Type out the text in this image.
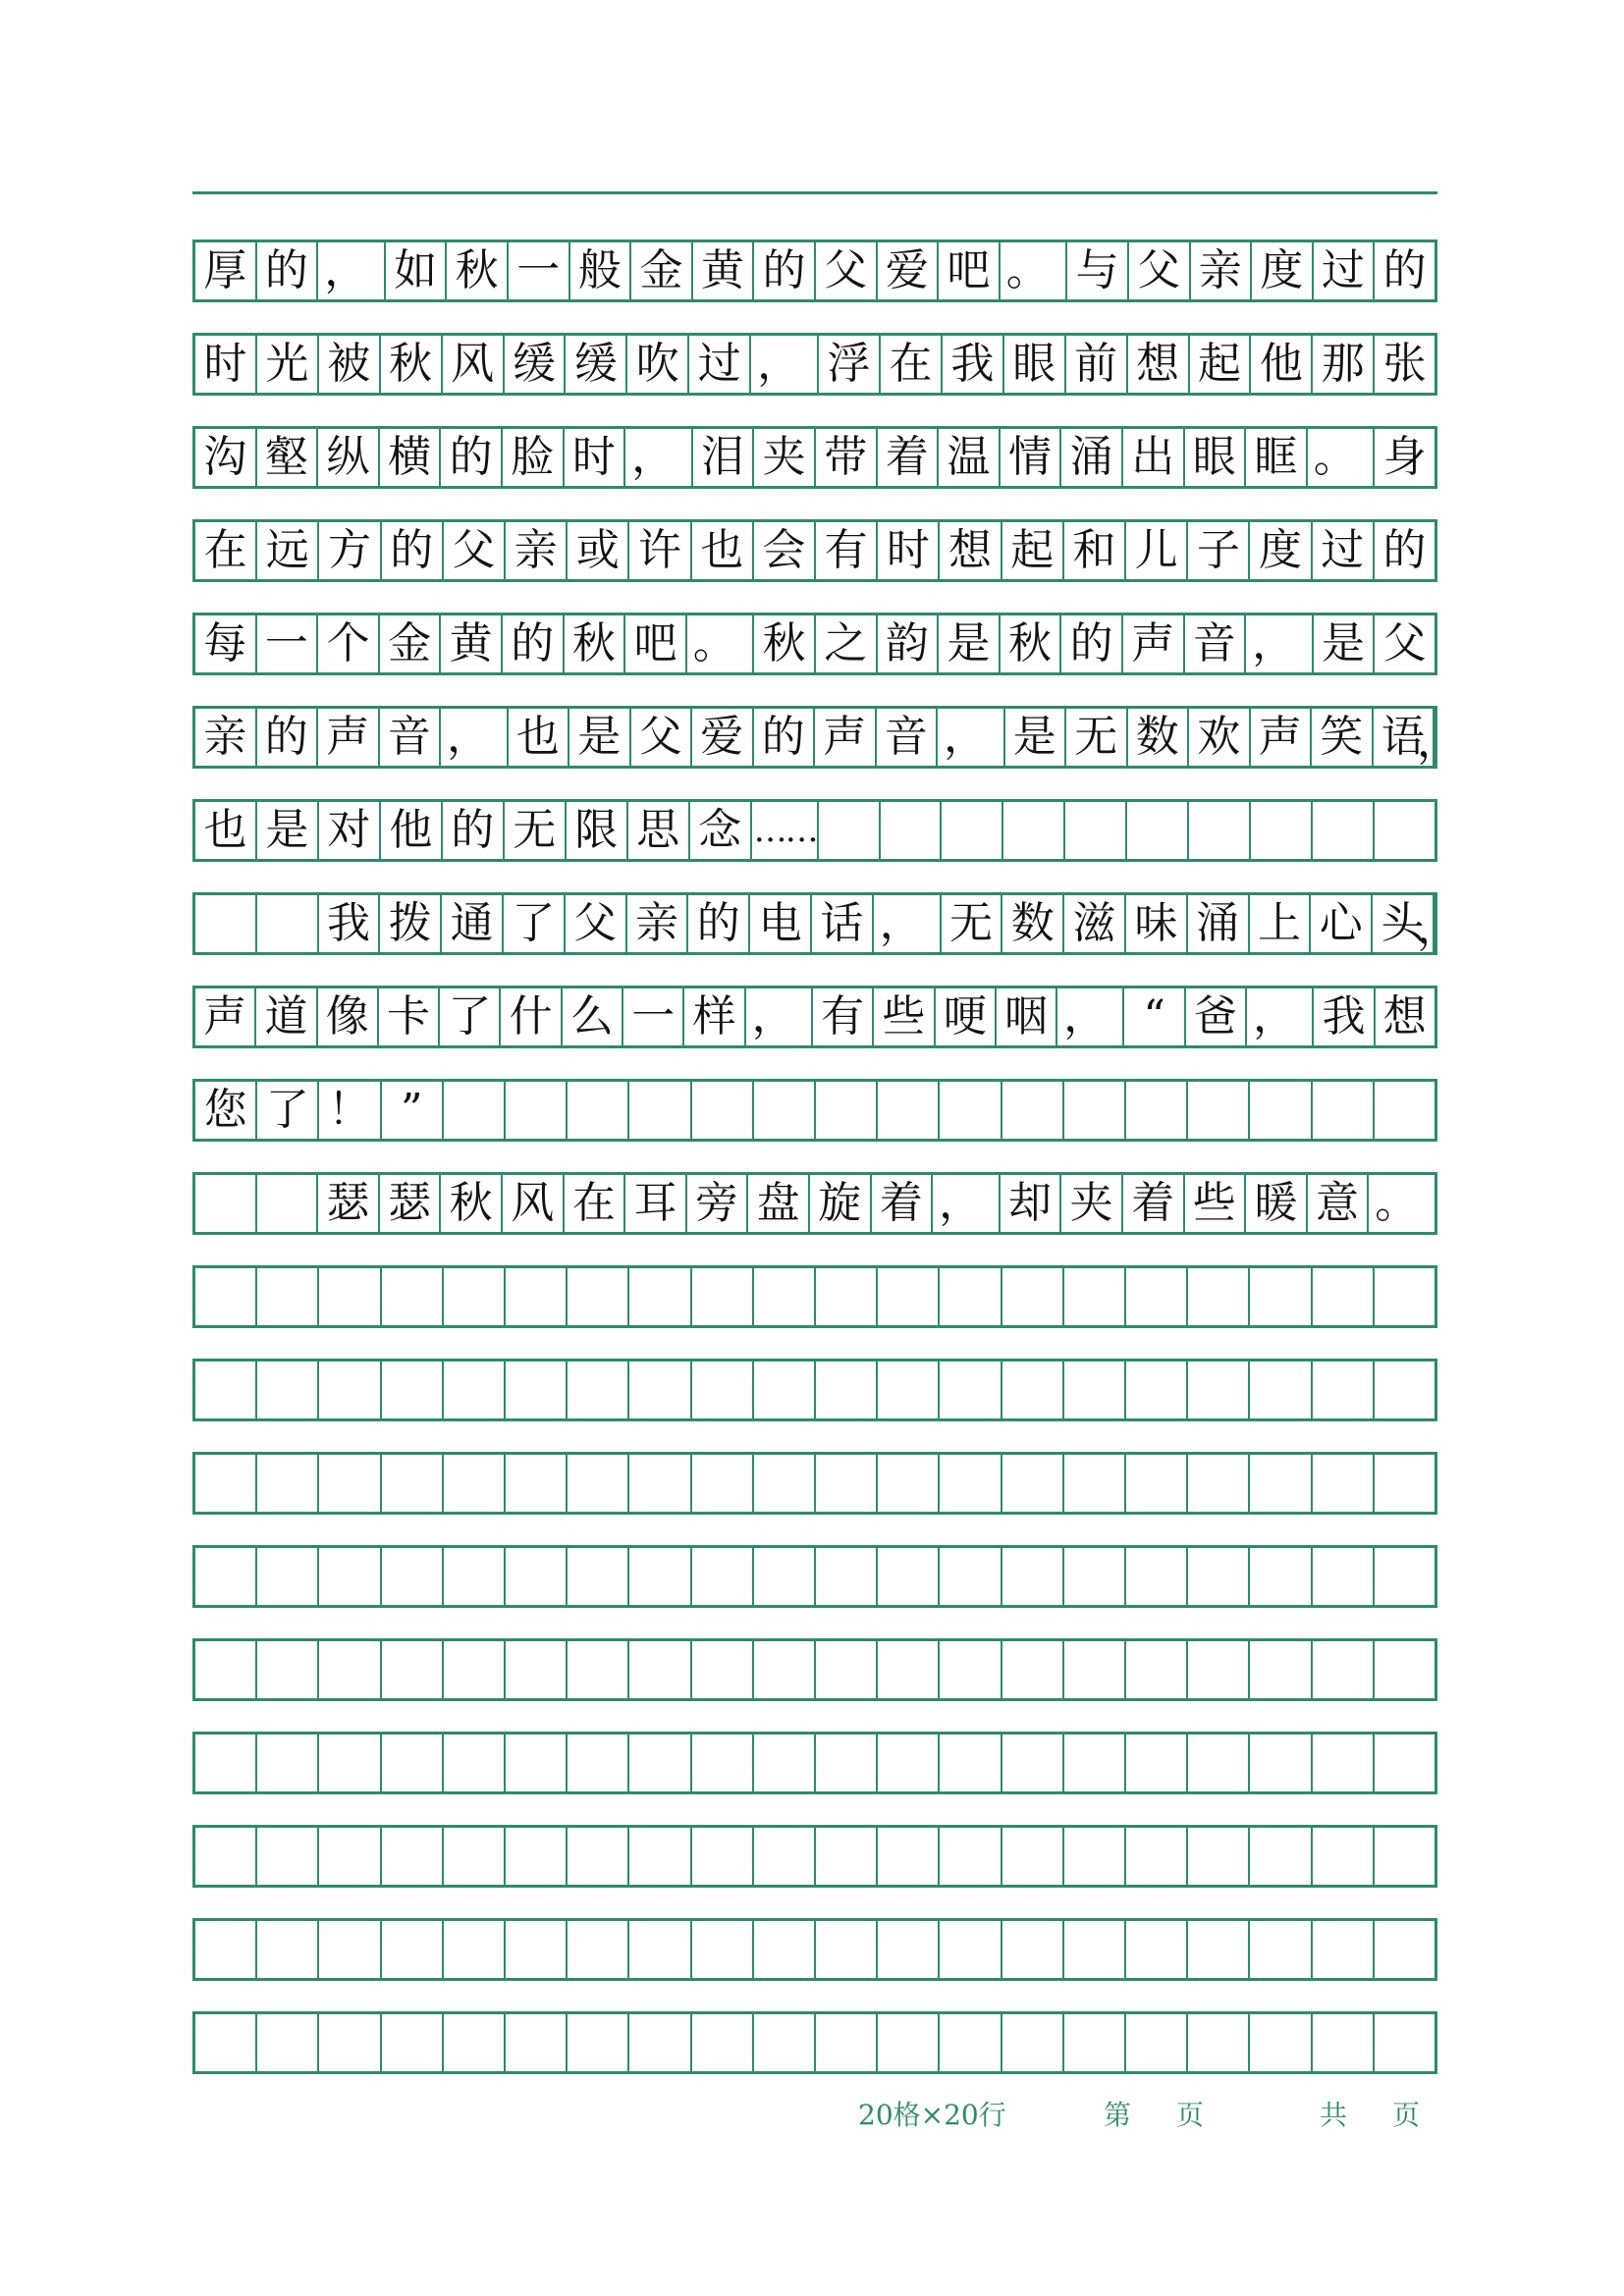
厚 的 ， 如 秋 一 般 金 黄 的 父 爱 吧 。 与 父 亲 度 过 的
时 光 被 秋 风 缓 缓 吹 过 ， 浮 在 我 眼 前 想 起 他 那 张
沟 壑 纵 横 的 脸 时 ， 泪 夹 带 着 温 情 涌 出 眼 眶 。 身
在 远 方 的 父 亲 或 许 也 会 有 时 想 起 和 儿 子 度 过 的
每 一 个 金 黄 的 秋 吧 。 秋 之 韵 是 秋 的 声 音 ， 是 父
亲 的 声 音 ， 也 是 父 爱 的 声 音 ， 是 无 数 欢 声 笑 语
，
也 是 对 他 的 无 限 思 念 ……
我 拨 通 了 父 亲 的 电 话 ， 无 数 滋 味 涌 上 心 头
，
声 道 像 卡 了 什 么 一 样 ， 有 些 哽 咽 ， “ 爸 ， 我 想
您 了 ！ ”
瑟 瑟 秋 风 在 耳 旁 盘 旋 着 ， 却 夹 着 些 暖 意 。
20格×20行	第 页	共 页
